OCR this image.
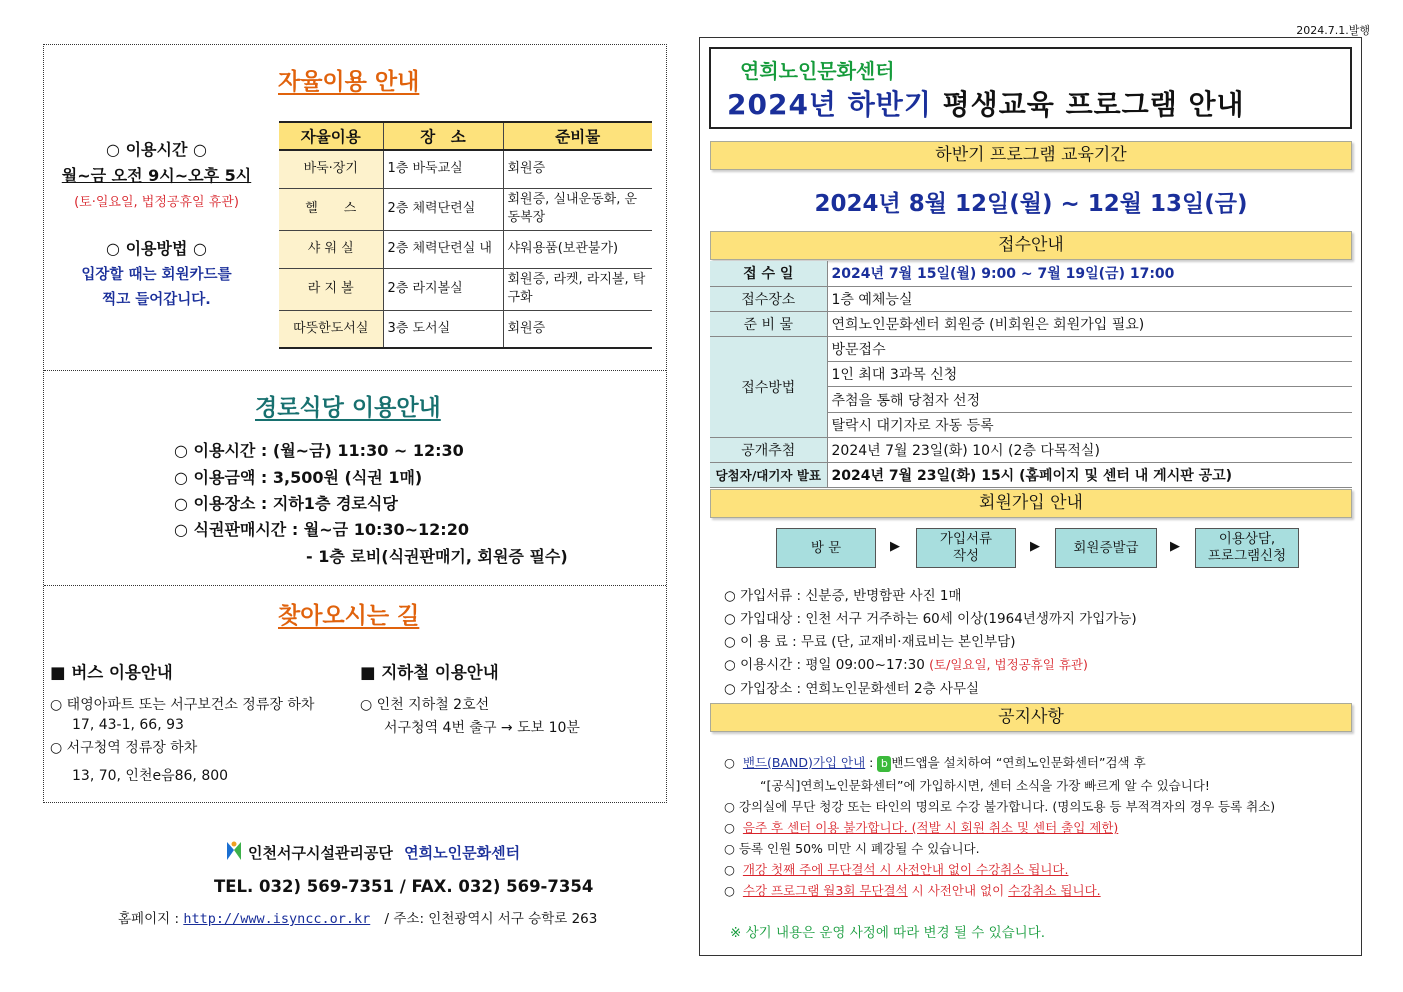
2024.7.1.발행
자율이용 안내
○ 이용시간 ○
월~금 오전 9시~오후 5시
(토·일요일, 법정공휴일 휴관)
○ 이용방법 ○
입장할 때는 회원카드를
찍고 들어갑니다.
자율이용	장　소	준비물
바둑·장기	1층 바둑교실	회원증
헬　　스	2층 체력단련실	회원증, 실내운동화, 운동복장
샤 워 실	2층 체력단련실 내	샤워용품(보관불가)
라 지 볼	2층 라지볼실	회원증, 라켓, 라지볼, 탁구화
따뜻한도서실	3층 도서실	회원증
경로식당 이용안내
○ 이용시간 : (월~금) 11:30 ~ 12:30
○ 이용금액 : 3,500원 (식권 1매)
○ 이용장소 : 지하1층 경로식당
○ 식권판매시간 : 월~금 10:30~12:20
- 1층 로비(식권판매기, 회원증 필수)
찾아오시는 길
■ 버스 이용안내
○ 태영아파트 또는 서구보건소 정류장 하차
17, 43-1, 66, 93
○ 서구청역 정류장 하차
13, 70, 인천e음86, 800
■ 지하철 이용안내
○ 인천 지하철 2호선
서구청역 4번 출구 → 도보 10분
인천서구시설관리공단 연희노인문화센터
TEL. 032) 569-7351 / FAX. 032) 569-7354
홈페이지 : http://www.isyncc.or.kr / 주소: 인천광역시 서구 승학로 263
연희노인문화센터
2024년 하반기 평생교육 프로그램 안내
하반기 프로그램 교육기간
2024년 8월 12일(월) ~ 12월 13일(금)
접수안내
접 수 일	2024년 7월 15일(월) 9:00 ~ 7월 19일(금) 17:00
접수장소	1층 예체능실
준 비 물	연희노인문화센터 회원증 (비회원은 회원가입 필요)
접수방법	방문접수
	1인 최대 3과목 신청
	추첨을 통해 당첨자 선정
	탈락시 대기자로 자동 등록
공개추첨	2024년 7월 23일(화) 10시 (2층 다목적실)
당첨자/대기자 발표	2024년 7월 23일(화) 15시 (홈페이지 및 센터 내 게시판 공고)
회원가입 안내
방 문	▶	가입서류
작성
▶	회원증발급	▶	이용상담,
프로그램신청
○ 가입서류 : 신분증, 반명함판 사진 1매
○ 가입대상 : 인천 서구 거주하는 60세 이상(1964년생까지 가입가능)
○ 이 용 료 : 무료 (단, 교재비·재료비는 본인부담)
○ 이용시간 : 평일 09:00~17:30 (토/일요일, 법정공휴일 휴관)
○ 가입장소 : 연희노인문화센터 2층 사무실
공지사항
○ 밴드(BAND)가입 안내 : b 밴드앱을 설치하여 “연희노인문화센터”검색 후
“[공식]연희노인문화센터”에 가입하시면, 센터 소식을 가장 빠르게 알 수 있습니다!
○ 강의실에 무단 청강 또는 타인의 명의로 수강 불가합니다. (명의도용 등 부적격자의 경우 등록 취소)
○ 음주 후 센터 이용 불가합니다. (적발 시 회원 취소 및 센터 출입 제한)
○ 등록 인원 50% 미만 시 폐강될 수 있습니다.
○ 개강 첫째 주에 무단결석 시 사전안내 없이 수강취소 됩니다.
○ 수강 프로그램 월3회 무단결석 시 사전안내 없이 수강취소 됩니다.
※ 상기 내용은 운영 사정에 따라 변경 될 수 있습니다.
